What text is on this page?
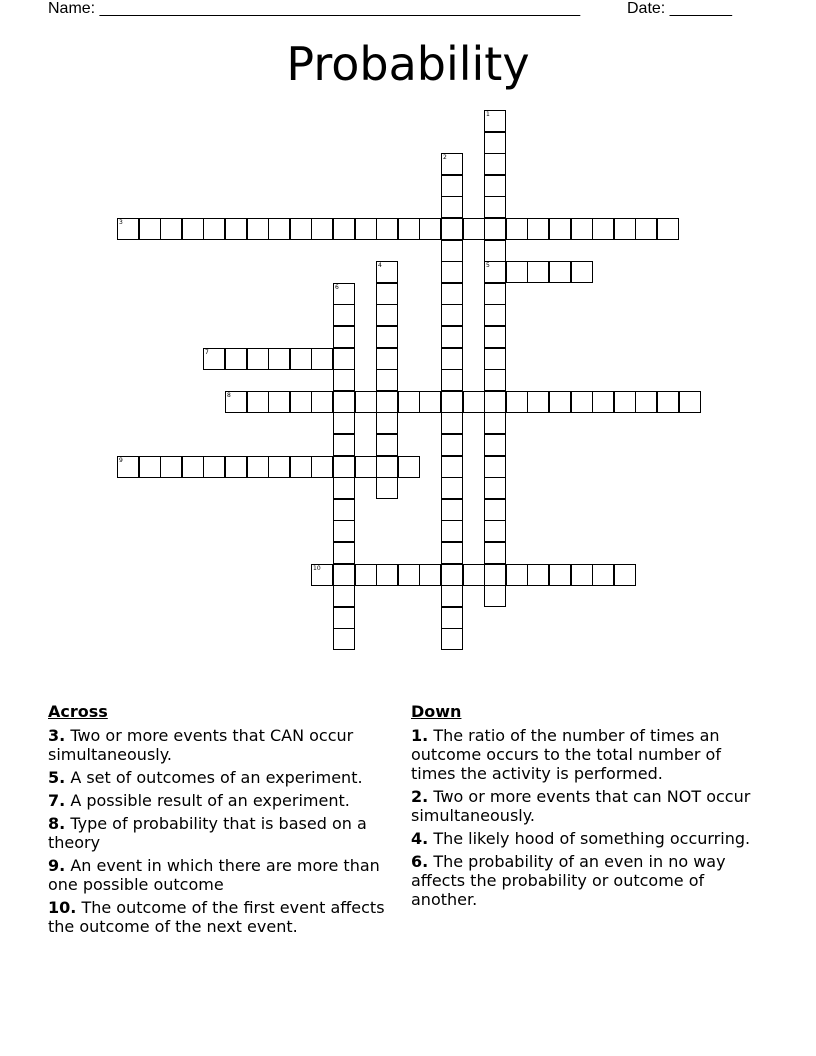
Name: ______________________________________________________	Date: _______
Probability
1
5
2
3
4
6
7
8
9
10
Across
3. Two or more events that CAN occur simultaneously.
5. A set of outcomes of an experiment.
7. A possible result of an experiment.
8. Type of probability that is based on a theory
9. An event in which there are more than one possible outcome
10. The outcome of the first event affects the outcome of the next event.
Down
1. The ratio of the number of times an outcome occurs to the total number of times the activity is performed.
2. Two or more events that can NOT occur simultaneously.
4. The likely hood of something occurring.
6. The probability of an even in no way affects the probability or outcome of another.
